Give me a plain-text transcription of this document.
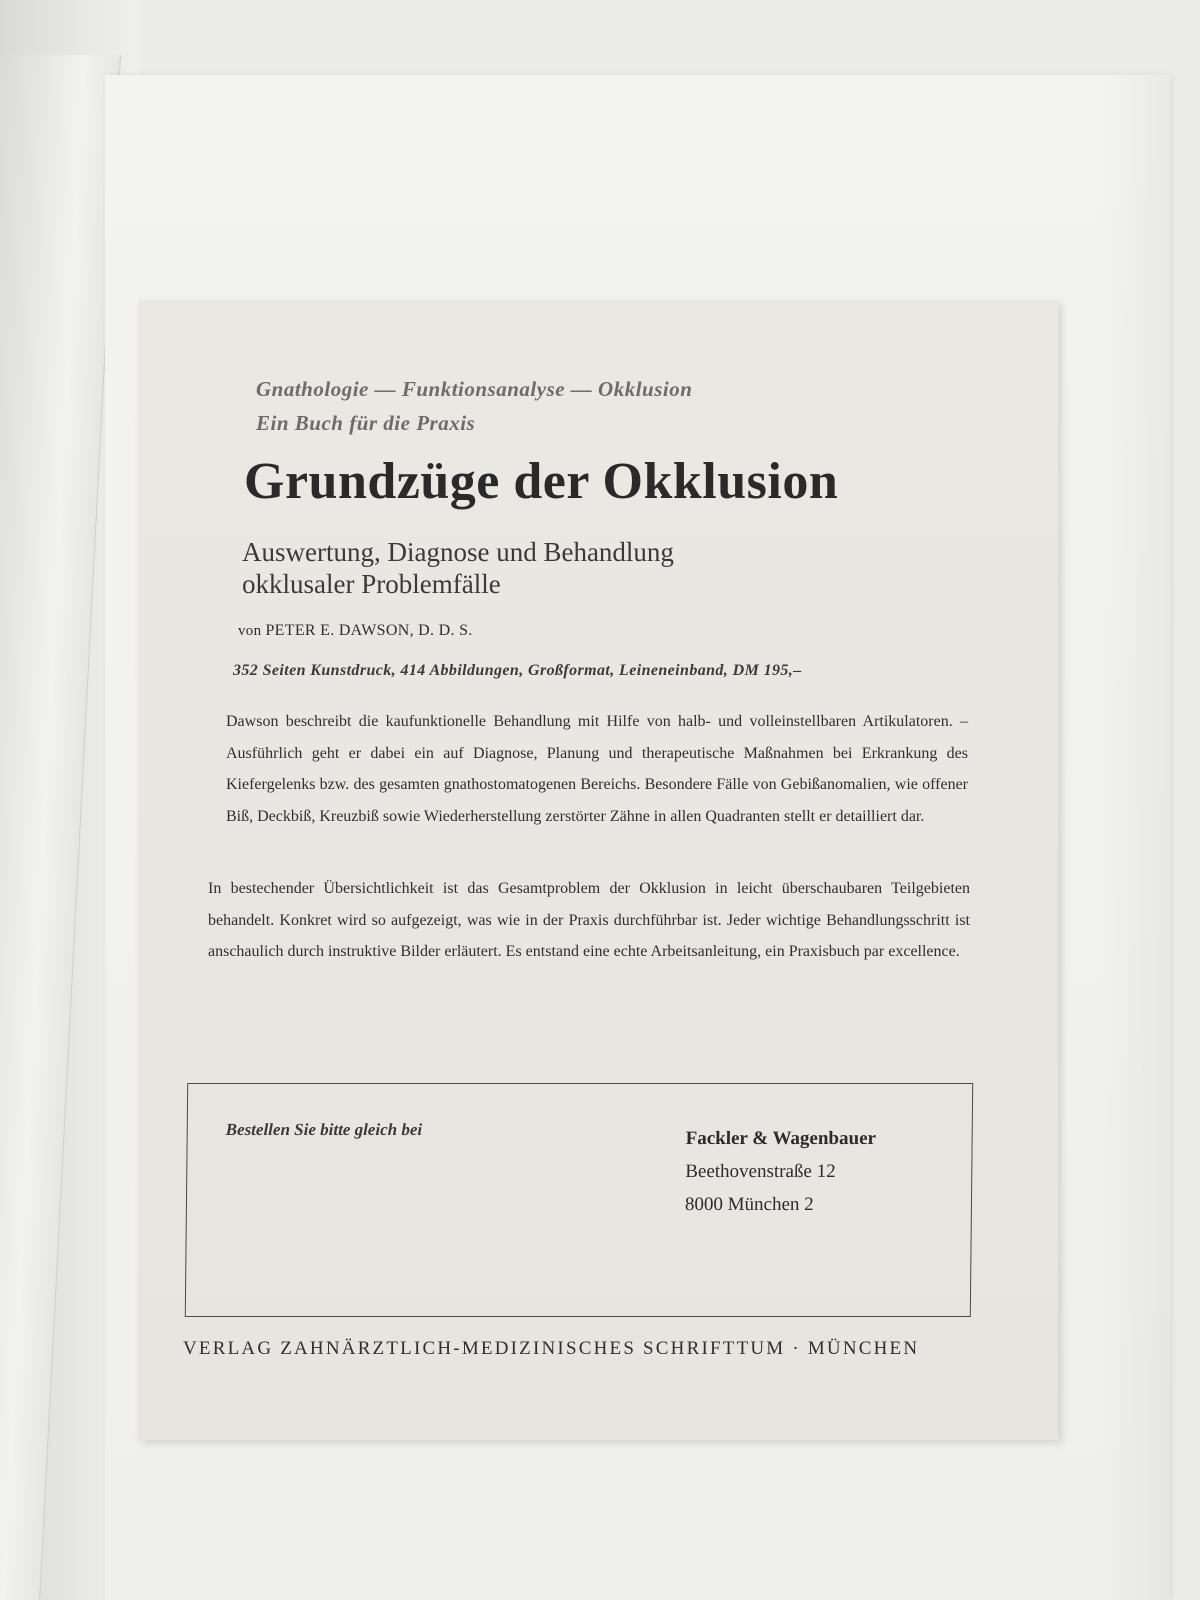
Gnathologie — Funktionsanalyse — Okklusion
Ein Buch für die Praxis
Grundzüge der Okklusion
Auswertung, Diagnose und Behandlung
okklusaler Problemfälle
von PETER E. DAWSON, D. D. S.
352 Seiten Kunstdruck, 414 Abbildungen, Großformat, Leineneinband, DM 195,–
Dawson beschreibt die kaufunktionelle Behandlung mit Hilfe von halb- und volleinstellbaren Artikulatoren. – Ausführlich geht er dabei ein auf Diagnose, Planung und therapeutische Maßnahmen bei Erkrankung des Kiefergelenks bzw. des gesamten gnathostomatogenen Bereichs. Besondere Fälle von Gebißanomalien, wie offener Biß, Deckbiß, Kreuzbiß sowie Wiederherstellung zerstörter Zähne in allen Quadranten stellt er detailliert dar.
In bestechender Übersichtlichkeit ist das Gesamtproblem der Okklusion in leicht überschaubaren Teilgebieten behandelt. Konkret wird so aufgezeigt, was wie in der Praxis durchführbar ist. Jeder wichtige Behandlungsschritt ist anschaulich durch instruktive Bilder erläutert. Es entstand eine echte Arbeitsanleitung, ein Praxisbuch par excellence.
Bestellen Sie bitte gleich bei	Fackler & Wagenbauer
Beethovenstraße 12
8000 München 2
VERLAG ZAHNÄRZTLICH-MEDIZINISCHES SCHRIFTTUM · MÜNCHEN
